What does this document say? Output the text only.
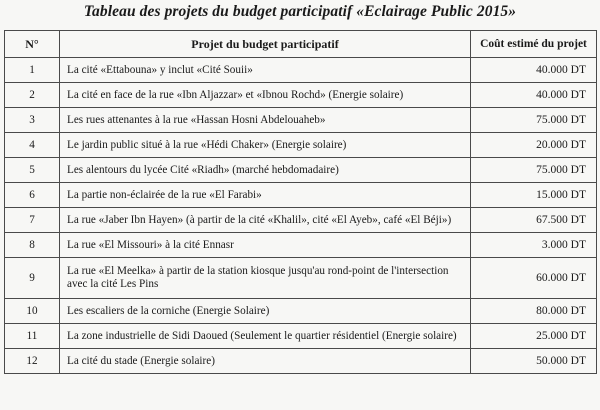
Tableau des projets du budget participatif «Eclairage Public 2015»
N°	Projet du budget participatif	Coût estimé du projet
1	La cité «Ettabouna» y inclut «Cité Souii»	40.000 DT
2	La cité en face de la rue «Ibn Aljazzar» et «Ibnou Rochd» (Energie solaire)	40.000 DT
3	Les rues attenantes à la rue «Hassan Hosni Abdelouaheb»	75.000 DT
4	Le jardin public situé à la rue «Hédi Chaker» (Energie solaire)	20.000 DT
5	Les alentours du lycée Cité «Riadh» (marché hebdomadaire)	75.000 DT
6	La partie non-éclairée de la rue «El Farabi»	15.000 DT
7	La rue «Jaber Ibn Hayen» (à partir de la cité «Khalil», cité «El Ayeb», café «El Béji»)	67.500 DT
8	La rue «El Missouri» à la cité Ennasr	3.000 DT
9	La rue «El Meelka» à partir de la station kiosque jusqu'au rond-point de l'intersection avec la cité Les Pins	60.000 DT
10	Les escaliers de la corniche (Energie Solaire)	80.000 DT
11	La zone industrielle de Sidi Daoued (Seulement le quartier résidentiel (Energie solaire)	25.000 DT
12	La cité du stade (Energie solaire)	50.000 DT
